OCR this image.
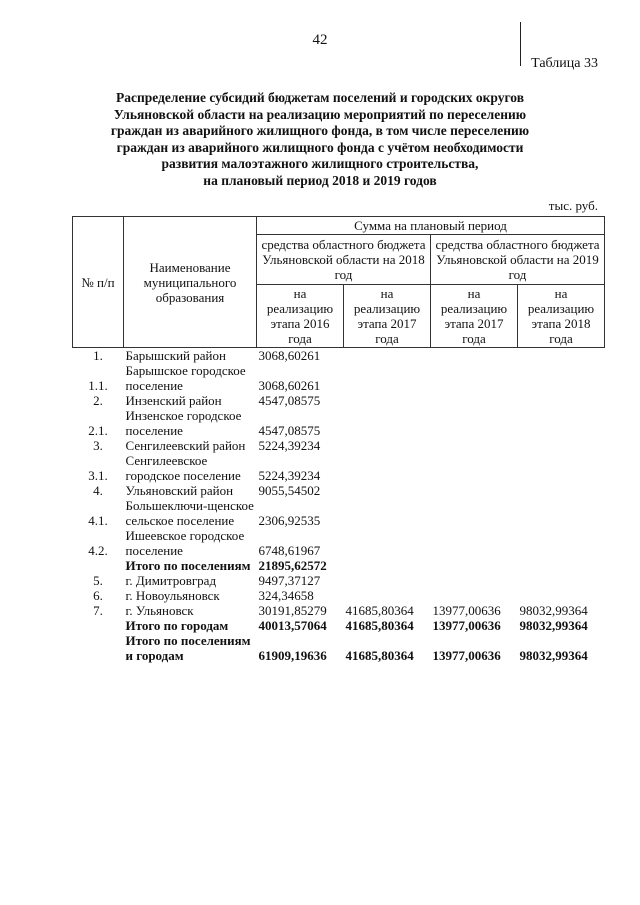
42
Таблица 33
Распределение субсидий бюджетам поселений и городских округов
Ульяновской области на реализацию мероприятий по переселению
граждан из аварийного жилищного фонда, в том числе переселению
граждан из аварийного жилищного фонда с учётом необходимости
развития малоэтажного жилищного строительства,
на плановый период 2018 и 2019 годов
тыс. руб.
№ п/п	Наименование муниципального образования	Сумма на плановый период			
		средства областного бюджета Ульяновской области на 2018 год		средства областного бюджета Ульяновской области на 2019 год	
		на реализацию этапа 2016 года	на реализацию этапа 2017 года	на реализацию этапа 2017 года	на реализацию этапа 2018 года
1.	Барышский район	3068,60261			
1.1.	Барышское городское поселение	3068,60261			
2.	Инзенский район	4547,08575			
2.1.	Инзенское городское поселение	4547,08575			
3.	Сенгилеевский район	5224,39234			
3.1.	Сенгилеевское городское поселение	5224,39234			
4.	Ульяновский район	9055,54502			
4.1.	Большеключи-щенское сельское поселение	2306,92535			
4.2.	Ишеевское городское поселение	6748,61967			
	Итого по поселениям	21895,62572			
5.	г. Димитровград	9497,37127			
6.	г. Новоульяновск	324,34658			
7.	г. Ульяновск	30191,85279	41685,80364	13977,00636	98032,99364
	Итого по городам	40013,57064	41685,80364	13977,00636	98032,99364
	Итого по поселениям и городам	61909,19636	41685,80364	13977,00636	98032,99364
